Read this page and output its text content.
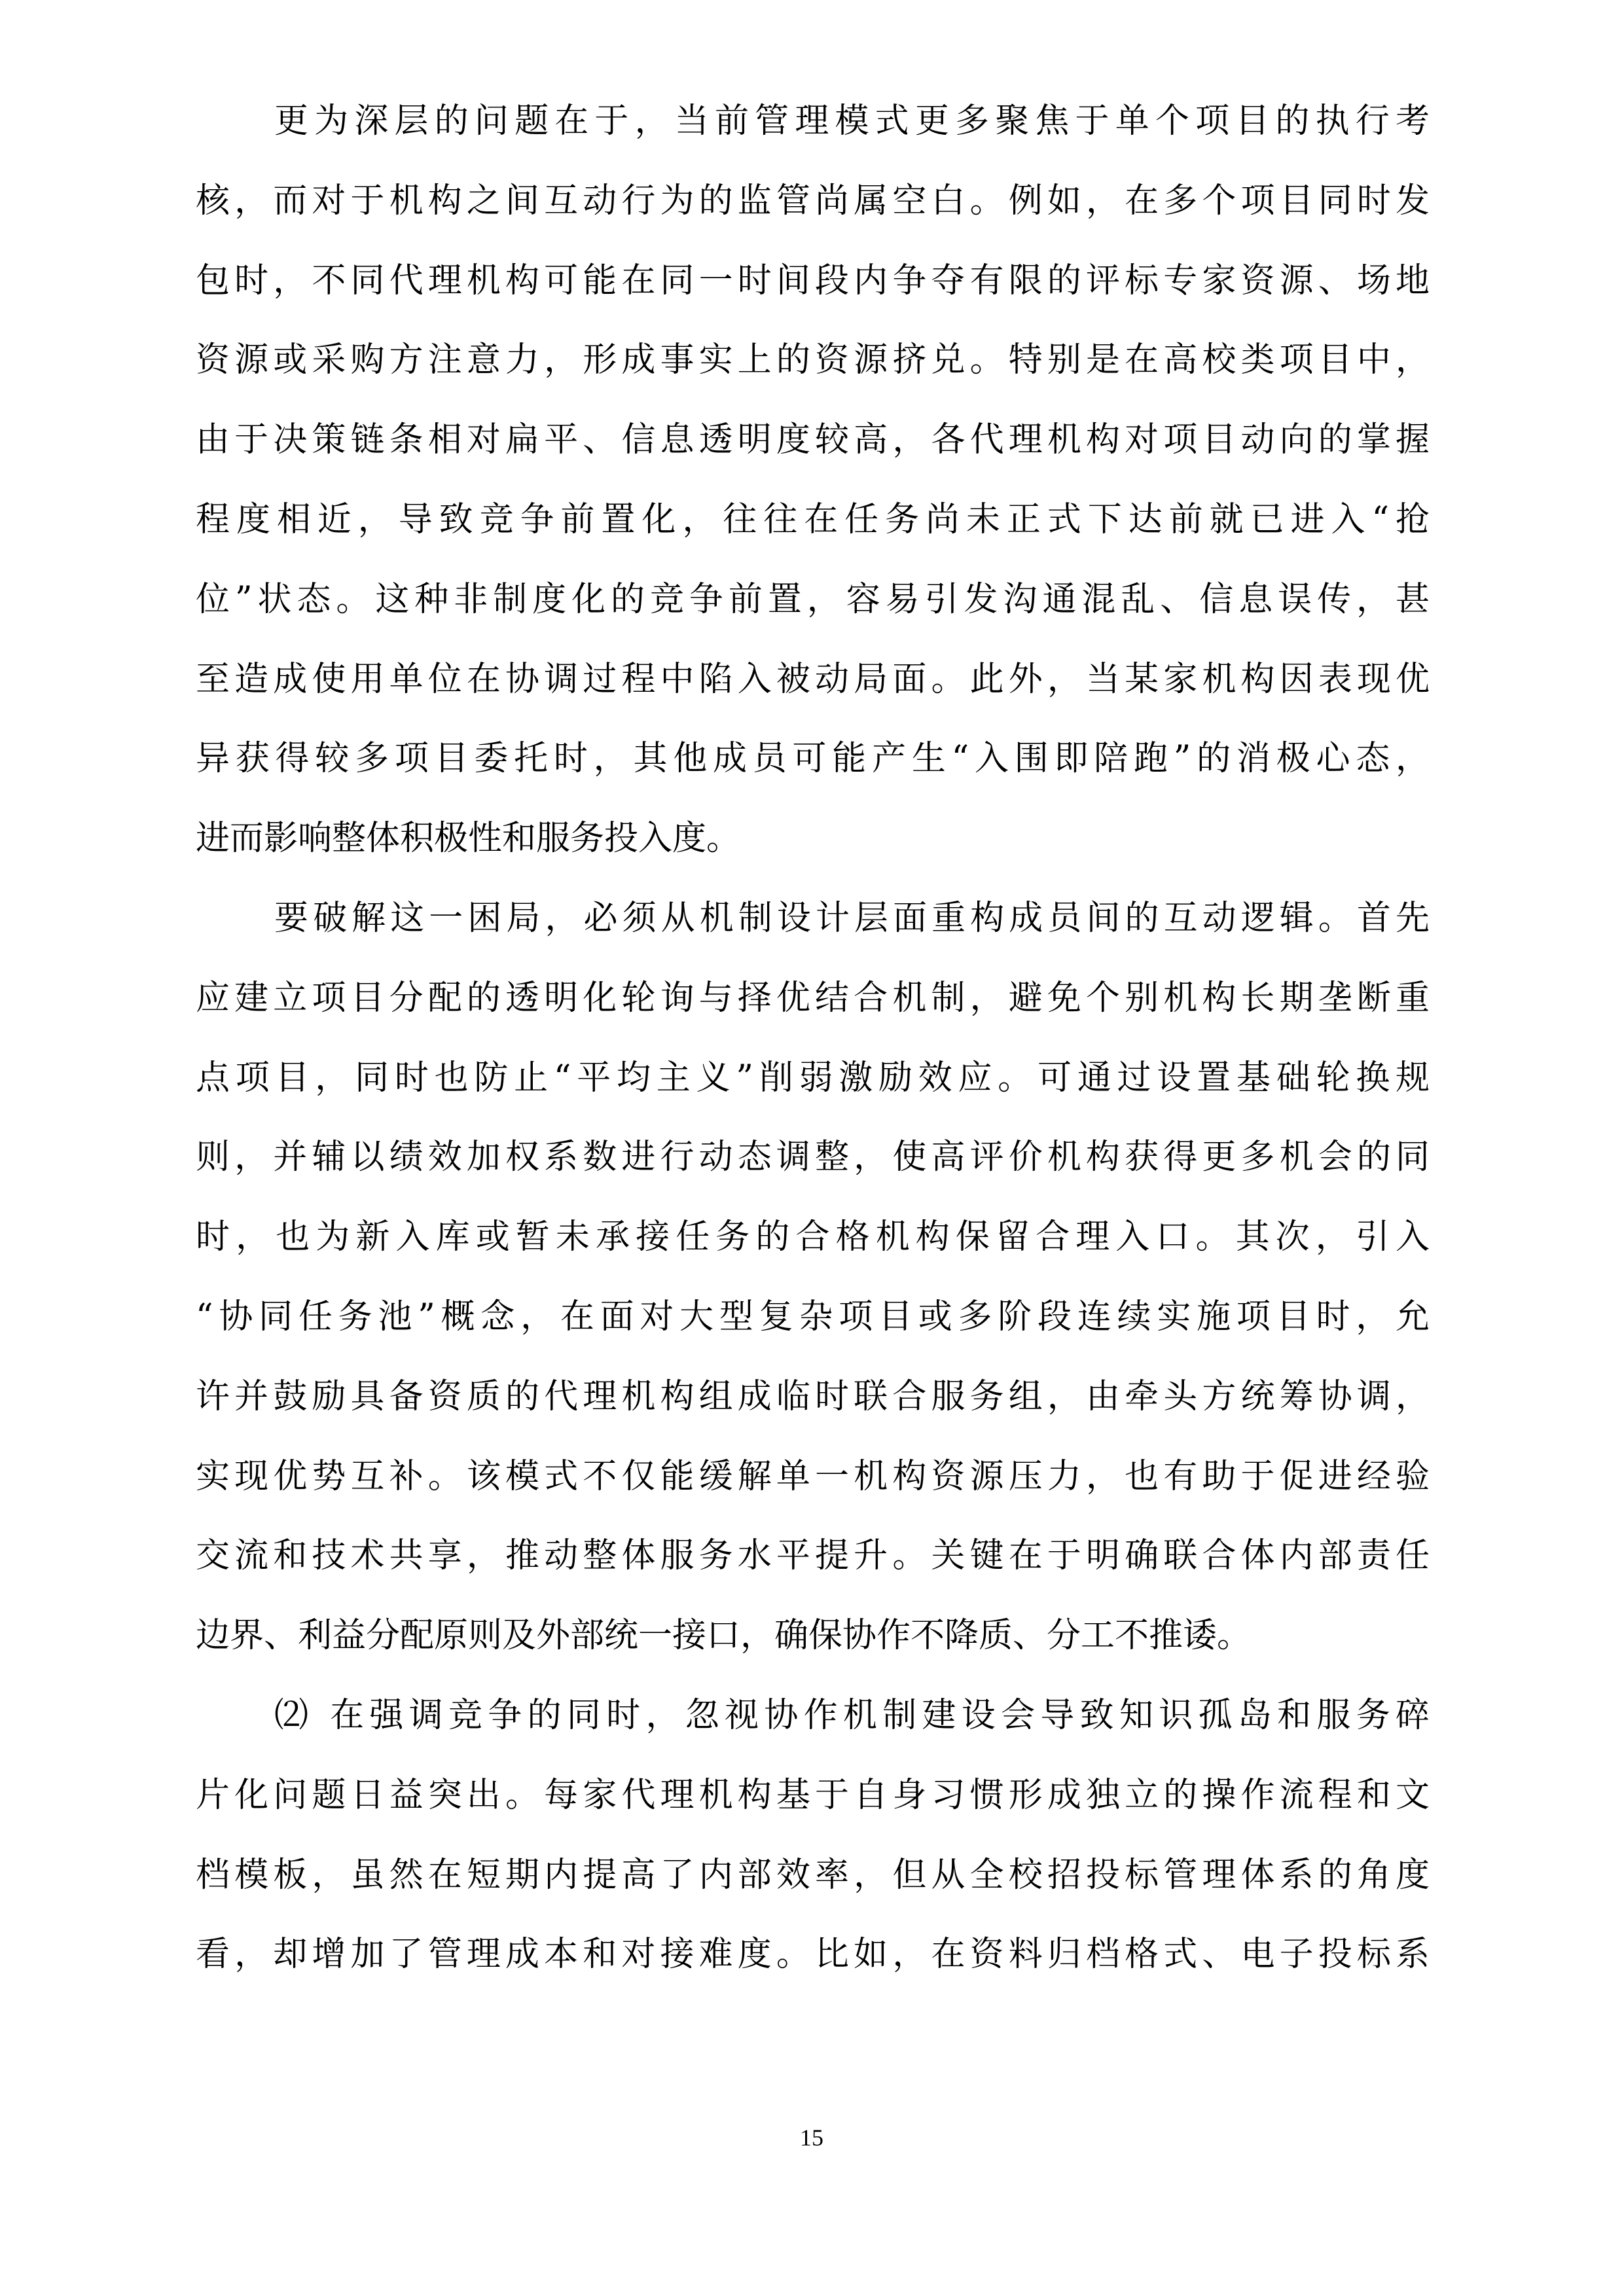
更为深层的问题在于，当前管理模式更多聚焦于单个项目的执行考
核，而对于机构之间互动行为的监管尚属空白。例如，在多个项目同时发
包时，不同代理机构可能在同一时间段内争夺有限的评标专家资源、场地
资源或采购方注意力，形成事实上的资源挤兑。特别是在高校类项目中，
由于决策链条相对扁平、信息透明度较高，各代理机构对项目动向的掌握
程度相近，导致竞争前置化，往往在任务尚未正式下达前就已进入“抢
位”状态。这种非制度化的竞争前置，容易引发沟通混乱、信息误传，甚
至造成使用单位在协调过程中陷入被动局面。此外，当某家机构因表现优
异获得较多项目委托时，其他成员可能产生“入围即陪跑”的消极心态，
进而影响整体积极性和服务投入度。
要破解这一困局，必须从机制设计层面重构成员间的互动逻辑。首先
应建立项目分配的透明化轮询与择优结合机制，避免个别机构长期垄断重
点项目，同时也防止“平均主义”削弱激励效应。可通过设置基础轮换规
则，并辅以绩效加权系数进行动态调整，使高评价机构获得更多机会的同
时，也为新入库或暂未承接任务的合格机构保留合理入口。其次，引入
“协同任务池”概念，在面对大型复杂项目或多阶段连续实施项目时，允
许并鼓励具备资质的代理机构组成临时联合服务组，由牵头方统筹协调，
实现优势互补。该模式不仅能缓解单一机构资源压力，也有助于促进经验
交流和技术共享，推动整体服务水平提升。关键在于明确联合体内部责任
边界、利益分配原则及外部统一接口，确保协作不降质、分工不推诿。
⑵ 在强调竞争的同时，忽视协作机制建设会导致知识孤岛和服务碎
片化问题日益突出。每家代理机构基于自身习惯形成独立的操作流程和文
档模板，虽然在短期内提高了内部效率，但从全校招投标管理体系的角度
看，却增加了管理成本和对接难度。比如，在资料归档格式、电子投标系
15
